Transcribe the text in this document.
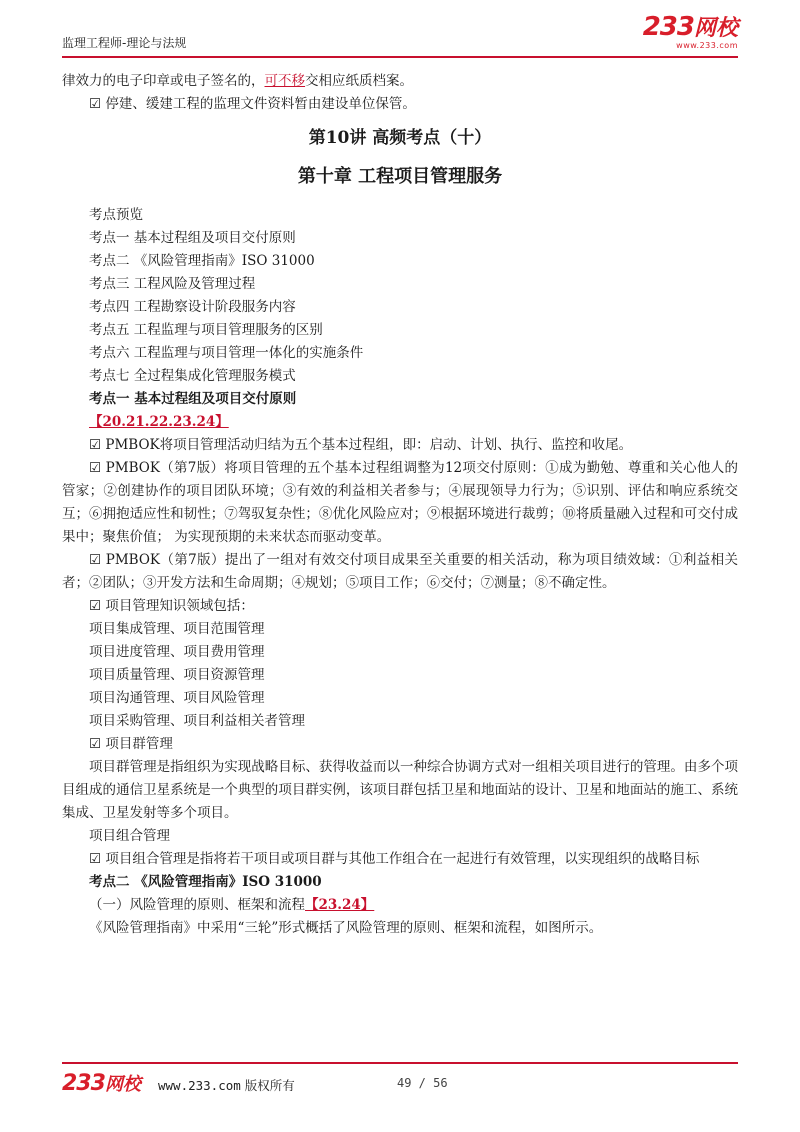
监理工程师-理论与法规
233网校
www.233.com
律效力的电子印章或电子签名的，可不移交相应纸质档案。
☑ 停建、缓建工程的监理文件资料暂由建设单位保管。
第10讲 高频考点（十）
第十章 工程项目管理服务
考点预览
考点一 基本过程组及项目交付原则
考点二 《风险管理指南》ISO 31000
考点三 工程风险及管理过程
考点四 工程勘察设计阶段服务内容
考点五 工程监理与项目管理服务的区别
考点六 工程监理与项目管理一体化的实施条件
考点七 全过程集成化管理服务模式
考点一 基本过程组及项目交付原则
【20.21.22.23.24】
☑ PMBOK将项目管理活动归结为五个基本过程组，即：启动、计划、执行、监控和收尾。
☑ PMBOK（第7版）将项目管理的五个基本过程组调整为12项交付原则：①成为勤勉、尊重和关心他人的管家；②创建协作的项目团队环境；③有效的利益相关者参与；④展现领导力行为；⑤识别、评估和响应系统交互；⑥拥抱适应性和韧性；⑦驾驭复杂性；⑧优化风险应对；⑨根据环境进行裁剪；⑩将质量融入过程和可交付成果中；聚焦价值； 为实现预期的未来状态而驱动变革。
☑ PMBOK（第7版）提出了一组对有效交付项目成果至关重要的相关活动，称为项目绩效域：①利益相关者；②团队；③开发方法和生命周期；④规划；⑤项目工作；⑥交付；⑦测量；⑧不确定性。
☑ 项目管理知识领域包括：
项目集成管理、项目范围管理
项目进度管理、项目费用管理
项目质量管理、项目资源管理
项目沟通管理、项目风险管理
项目采购管理、项目利益相关者管理
☑ 项目群管理
项目群管理是指组织为实现战略目标、获得收益而以一种综合协调方式对一组相关项目进行的管理。由多个项目组成的通信卫星系统是一个典型的项目群实例，该项目群包括卫星和地面站的设计、卫星和地面站的施工、系统集成、卫星发射等多个项目。
项目组合管理
☑ 项目组合管理是指将若干项目或项目群与其他工作组合在一起进行有效管理，以实现组织的战略目标
考点二 《风险管理指南》ISO 31000
（一）风险管理的原则、框架和流程【23.24】
《风险管理指南》中采用“三轮”形式概括了风险管理的原则、框架和流程，如图所示。
233网校 www.233.com 版权所有	49 / 56
